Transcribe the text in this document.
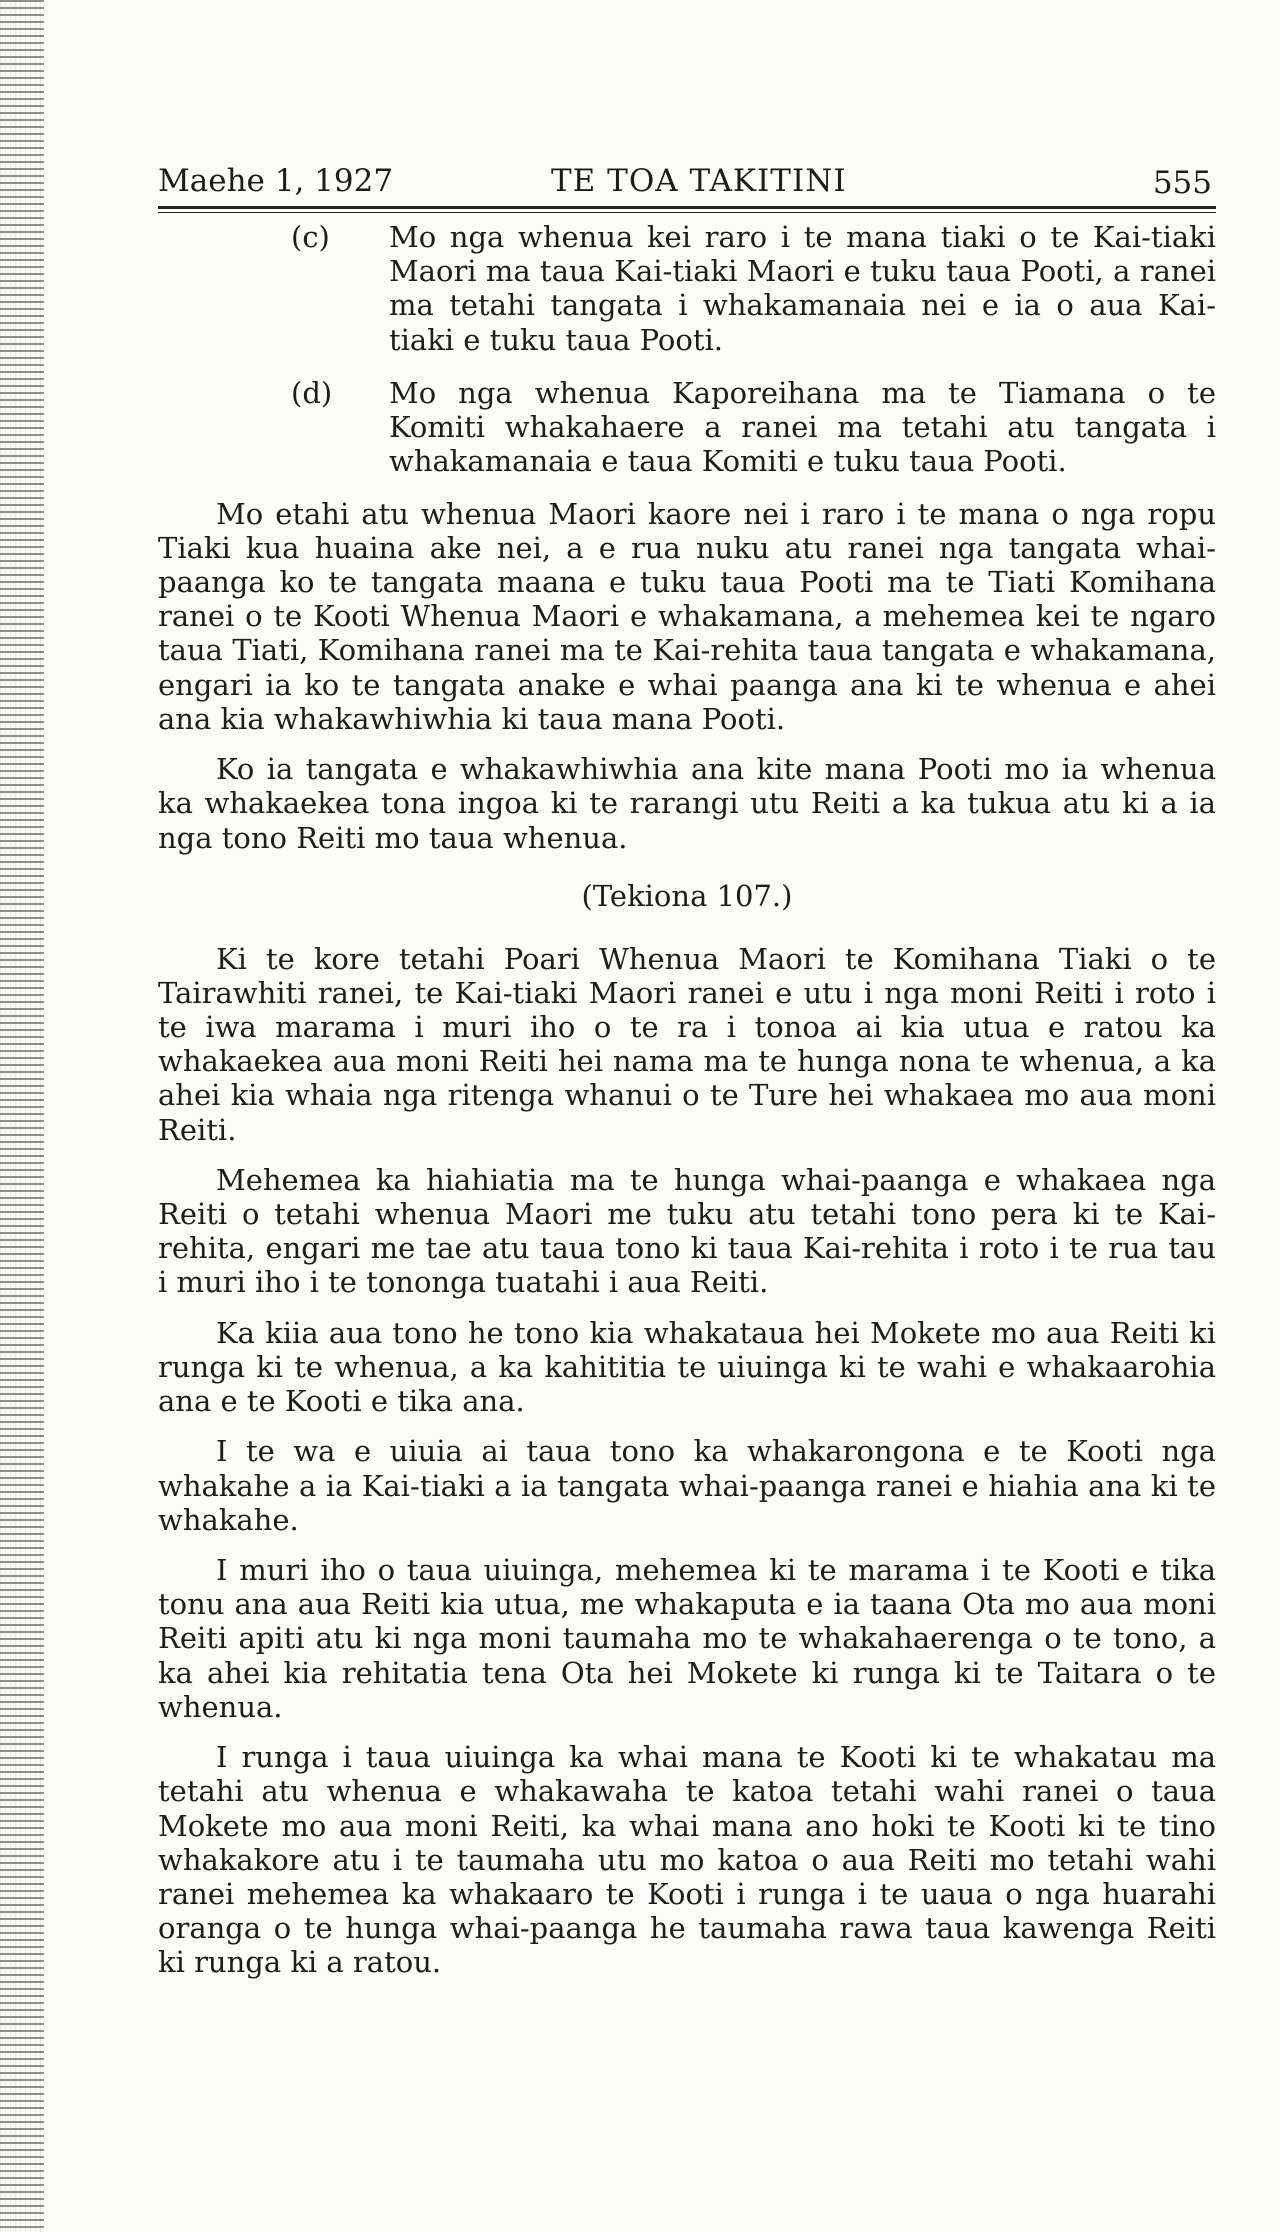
Maehe 1, 1927	TE TOA TAKITINI	555
(c)	Mo nga whenua kei raro i te mana tiaki o te Kai-tiaki Maori ma taua Kai-tiaki Maori e tuku taua Pooti, a ranei ma tetahi tangata i whakamanaia nei e ia o aua Kai-tiaki e tuku taua Pooti.
(d)	Mo nga whenua Kaporeihana ma te Tiamana o te Komiti whakahaere a ranei ma tetahi atu tangata i whakamanaia e taua Komiti e tuku taua Pooti.

Mo etahi atu whenua Maori kaore nei i raro i te mana o nga ropu Tiaki kua huaina ake nei, a e rua nuku atu ranei nga tangata whai-paanga ko te tangata maana e tuku taua Pooti ma te Tiati Komihana ranei o te Kooti Whenua Maori e whakamana, a mehemea kei te ngaro taua Tiati, Komihana ranei ma te Kai-rehita taua tangata e whakamana, engari ia ko te tangata anake e whai paanga ana ki te whenua e ahei ana kia whakawhiwhia ki taua mana Pooti.

Ko ia tangata e whakawhiwhia ana kite mana Pooti mo ia whenua ka whakaekea tona ingoa ki te rarangi utu Reiti a ka tukua atu ki a ia nga tono Reiti mo taua whenua.

(Tekiona 107.)

Ki te kore tetahi Poari Whenua Maori te Komihana Tiaki o te Tairawhiti ranei, te Kai-tiaki Maori ranei e utu i nga moni Reiti i roto i te iwa marama i muri iho o te ra i tonoa ai kia utua e ratou ka whakaekea aua moni Reiti hei nama ma te hunga nona te whenua, a ka ahei kia whaia nga ritenga whanui o te Ture hei whakaea mo aua moni Reiti.

Mehemea ka hiahiatia ma te hunga whai-paanga e whakaea nga Reiti o tetahi whenua Maori me tuku atu tetahi tono pera ki te Kai-rehita, engari me tae atu taua tono ki taua Kai-rehita i roto i te rua tau i muri iho i te tononga tuatahi i aua Reiti.

Ka kiia aua tono he tono kia whakataua hei Mokete mo aua Reiti ki runga ki te whenua, a ka kahititia te uiuinga ki te wahi e whakaarohia ana e te Kooti e tika ana.

I te wa e uiuia ai taua tono ka whakarongona e te Kooti nga whakahe a ia Kai-tiaki a ia tangata whai-paanga ranei e hiahia ana ki te whakahe.

I muri iho o taua uiuinga, mehemea ki te marama i te Kooti e tika tonu ana aua Reiti kia utua, me whakaputa e ia taana Ota mo aua moni Reiti apiti atu ki nga moni taumaha mo te whakahaerenga o te tono, a ka ahei kia rehitatia tena Ota hei Mokete ki runga ki te Taitara o te whenua.

I runga i taua uiuinga ka whai mana te Kooti ki te whakatau ma tetahi atu whenua e whakawaha te katoa tetahi wahi ranei o taua Mokete mo aua moni Reiti, ka whai mana ano hoki te Kooti ki te tino whakakore atu i te taumaha utu mo katoa o aua Reiti mo tetahi wahi ranei mehemea ka whakaaro te Kooti i runga i te uaua o nga huarahi oranga o te hunga whai-paanga he taumaha rawa taua kawenga Reiti ki runga ki a ratou.
